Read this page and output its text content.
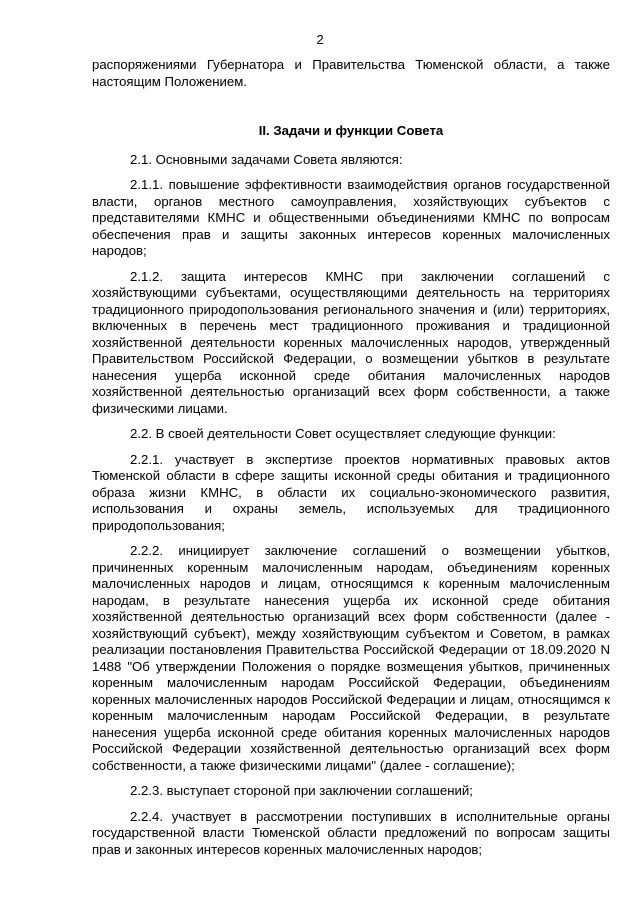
2

распоряжениями Губернатора и Правительства Тюменской области, а также настоящим Положением.

II. Задачи и функции Совета

2.1. Основными задачами Совета являются:

2.1.1. повышение эффективности взаимодействия органов государственной власти, органов местного самоуправления, хозяйствующих субъектов с представителями КМНС и общественными объединениями КМНС по вопросам обеспечения прав и защиты законных интересов коренных малочисленных народов;

2.1.2. защита интересов КМНС при заключении соглашений с хозяйствующими субъектами, осуществляющими деятельность на территориях традиционного природопользования регионального значения и (или) территориях, включенных в перечень мест традиционного проживания и традиционной хозяйственной деятельности коренных малочисленных народов, утвержденный Правительством Российской Федерации, о возмещении убытков в результате нанесения ущерба исконной среде обитания малочисленных народов хозяйственной деятельностью организаций всех форм собственности, а также физическими лицами.

2.2. В своей деятельности Совет осуществляет следующие функции:

2.2.1. участвует в экспертизе проектов нормативных правовых актов Тюменской области в сфере защиты исконной среды обитания и традиционного образа жизни КМНС, в области их социально-экономического развития, использования и охраны земель, используемых для традиционного природопользования;

2.2.2. инициирует заключение соглашений о возмещении убытков, причиненных коренным малочисленным народам, объединениям коренных малочисленных народов и лицам, относящимся к коренным малочисленным народам, в результате нанесения ущерба их исконной среде обитания хозяйственной деятельностью организаций всех форм собственности (далее - хозяйствующий субъект), между хозяйствующим субъектом и Советом, в рамках реализации постановления Правительства Российской Федерации от 18.09.2020 N 1488 "Об утверждении Положения о порядке возмещения убытков, причиненных коренным малочисленным народам Российской Федерации, объединениям коренных малочисленных народов Российской Федерации и лицам, относящимся к коренным малочисленным народам Российской Федерации, в результате нанесения ущерба исконной среде обитания коренных малочисленных народов Российской Федерации хозяйственной деятельностью организаций всех форм собственности, а также физическими лицами" (далее - соглашение);

2.2.3. выступает стороной при заключении соглашений;

2.2.4. участвует в рассмотрении поступивших в исполнительные органы государственной власти Тюменской области предложений по вопросам защиты прав и законных интересов коренных малочисленных народов;
